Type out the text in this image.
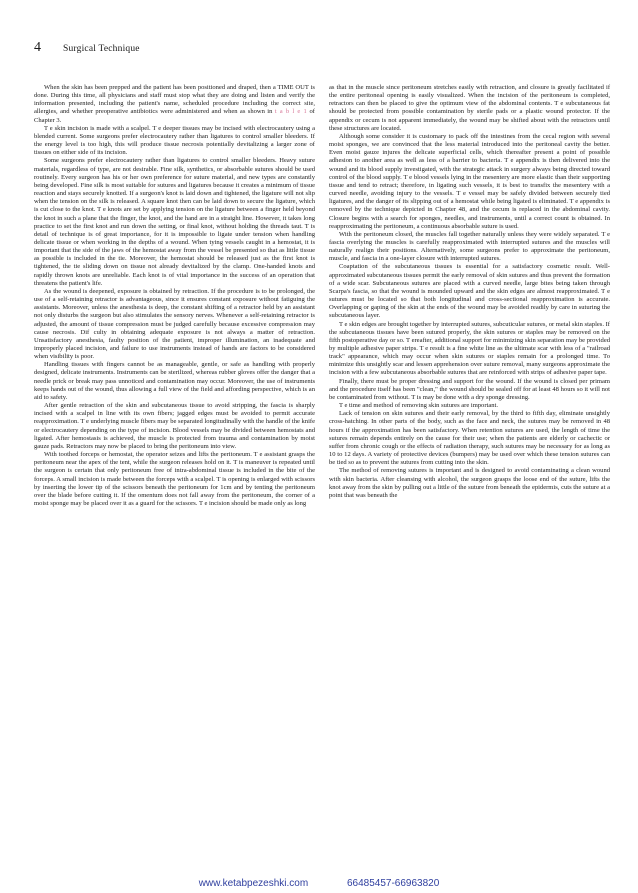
4 Surgical Technique

When the skin has been prepped and the patient has been positioned and draped, then a TIME OUT is done. During this time, all physicians and staff must stop what they are doing and listen and verify the information presented, including the patient's name, scheduled procedure including the correct site, allergies, and whether preoperative antibiotics were administered and when as shown in t a b l e 1 of Chapter 3.

T e skin incision is made with a scalpel. T e deeper tissues may be incised with electrocautery using a blended current. Some surgeons prefer electrocautery rather than ligatures to control smaller bleeders. If the energy level is too high, this will produce tissue necrosis potentially devitalizing a larger zone of tissues on either side of its incision.

Some surgeons prefer electrocautery rather than ligatures to control smaller bleeders. Heavy suture materials, regardless of type, are not desirable. Fine silk, synthetics, or absorbable sutures should be used routinely. Every surgeon has his or her own preference for suture material, and new types are constantly being developed. Fine silk is most suitable for sutures and ligatures because it creates a minimum of tissue reaction and stays securely knotted. If a surgeon's knot is laid down and tightened, the ligature will not slip when the tension on the silk is released. A square knot then can be laid down to secure the ligature, which is cut close to the knot. T e knots are set by applying tension on the ligature between a finger held beyond the knot in such a plane that the finger, the knot, and the hand are in a straight line. However, it takes long practice to set the first knot and run down the setting, or final knot, without holding the threads taut. T is detail of technique is of great importance, for it is impossible to ligate under tension when handling delicate tissue or when working in the depths of a wound. When tying vessels caught in a hemostat, it is important that the side of the jaws of the hemostat away from the vessel be presented so that as little tissue as possible is included in the tie. Moreover, the hemostat should be released just as the first knot is tightened, the tie sliding down on tissue not already devitalized by the clamp. One-handed knots and rapidly thrown knots are unreliable. Each knot is of vital importance in the success of an operation that threatens the patient's life.

As the wound is deepened, exposure is obtained by retraction. If the procedure is to be prolonged, the use of a self-retaining retractor is advantageous, since it ensures constant exposure without fatiguing the assistants. Moreover, unless the anesthesia is deep, the constant shifting of a retractor held by an assistant not only disturbs the surgeon but also stimulates the sensory nerves. Whenever a self-retaining retractor is adjusted, the amount of tissue compression must be judged carefully because excessive compression may cause necrosis. Dif culty in obtaining adequate exposure is not always a matter of retraction. Unsatisfactory anesthesia, faulty position of the patient, improper illumination, an inadequate and improperly placed incision, and failure to use instruments instead of hands are factors to be considered when visibility is poor.

Handling tissues with fingers cannot be as manageable, gentle, or safe as handling with properly designed, delicate instruments. Instruments can be sterilized, whereas rubber gloves offer the danger that a needle prick or break may pass unnoticed and contamination may occur. Moreover, the use of instruments keeps hands out of the wound, thus allowing a full view of the field and affording perspective, which is an aid to safety.

After gentle retraction of the skin and subcutaneous tissue to avoid stripping, the fascia is sharply incised with a scalpel in line with its own fibers; jagged edges must be avoided to permit accurate reapproximation. T e underlying muscle fibers may be separated longitudinally with the handle of the knife or electrocautery depending on the type of incision. Blood vessels may be divided between hemostats and ligated. After hemostasis is achieved, the muscle is protected from trauma and contamination by moist gauze pads. Retractors may now be placed to bring the peritoneum into view.

With toothed forceps or hemostat, the operator seizes and lifts the peritoneum. T e assistant grasps the peritoneum near the apex of the tent, while the surgeon releases hold on it. T is maneuver is repeated until the surgeon is certain that only peritoneum free of intra-abdominal tissue is included in the bite of the forceps. A small incision is made between the forceps with a scalpel. T is opening is enlarged with scissors by inserting the lower tip of the scissors beneath the peritoneum for 1cm and by tenting the peritoneum over the blade before cutting it. If the omentum does not fall away from the peritoneum, the corner of a moist sponge may be placed over it as a guard for the scissors. T e incision should be made only as long

as that in the muscle since peritoneum stretches easily with retraction, and closure is greatly facilitated if the entire peritoneal opening is easily visualized. When the incision of the peritoneum is completed, retractors can then be placed to give the optimum view of the abdominal contents. T e subcutaneous fat should be protected from possible contamination by sterile pads or a plastic wound protector. If the appendix or cecum is not apparent immediately, the wound may be shifted about with the retractors until these structures are located.

Although some consider it is customary to pack off the intestines from the cecal region with several moist sponges, we are convinced that the less material introduced into the peritoneal cavity the better. Even moist gauze injures the delicate superficial cells, which thereafter present a point of possible adhesion to another area as well as less of a barrier to bacteria. T e appendix is then delivered into the wound and its blood supply investigated, with the strategic attack in surgery always being directed toward control of the blood supply. T e blood vessels lying in the mesentery are more elastic than their supporting tissue and tend to retract; therefore, in ligating such vessels, it is best to transfix the mesentery with a curved needle, avoiding injury to the vessels. T e vessel may be safely divided between securely tied ligatures, and the danger of its slipping out of a hemostat while being ligated is eliminated. T e appendix is removed by the technique depicted in Chapter 48, and the cecum is replaced in the abdominal cavity. Closure begins with a search for sponges, needles, and instruments, until a correct count is obtained. In reapproximating the peritoneum, a continuous absorbable suture is used.

With the peritoneum closed, the muscles fall together naturally unless they were widely separated. T e fascia overlying the muscles is carefully reapproximated with interrupted sutures and the muscles will naturally realign their positions. Alternatively, some surgeons prefer to approximate the peritoneum, muscle, and fascia in a one-layer closure with interrupted sutures.

Coaptation of the subcutaneous tissues is essential for a satisfactory cosmetic result. Well-approximated subcutaneous tissues permit the early removal of skin sutures and thus prevent the formation of a wide scar. Subcutaneous sutures are placed with a curved needle, large bites being taken through Scarpa's fascia, so that the wound is mounded upward and the skin edges are almost reapproximated. T e sutures must be located so that both longitudinal and cross-sectional reapproximation is accurate. Overlapping or gaping of the skin at the ends of the wound may be avoided readily by care in suturing the subcutaneous layer.

T e skin edges are brought together by interrupted sutures, subcuticular sutures, or metal skin staples. If the subcutaneous tissues have been sutured properly, the skin sutures or staples may be removed on the fifth postoperative day or so. T ereafter, additional support for minimizing skin separation may be provided by multiple adhesive paper strips. T e result is a fine white line as the ultimate scar with less of a "railroad track" appearance, which may occur when skin sutures or staples remain for a prolonged time. To minimize this unsightly scar and lessen apprehension over suture removal, many surgeons approximate the incision with a few subcutaneous absorbable sutures that are reinforced with strips of adhesive paper tape.

Finally, there must be proper dressing and support for the wound. If the wound is closed per primam and the procedure itself has been "clean," the wound should be sealed off for at least 48 hours so it will not be contaminated from without. T is may be done with a dry sponge dressing.

T e time and method of removing skin sutures are important.

Lack of tension on skin sutures and their early removal, by the third to fifth day, eliminate unsightly cross-hatching. In other parts of the body, such as the face and neck, the sutures may be removed in 48 hours if the approximation has been satisfactory. When retention sutures are used, the length of time the sutures remain depends entirely on the cause for their use; when the patients are elderly or cachectic or suffer from chronic cough or the effects of radiation therapy, such sutures may be necessary for as long as 10 to 12 days. A variety of protective devices (bumpers) may be used over which these tension sutures can be tied so as to prevent the sutures from cutting into the skin.

The method of removing sutures is important and is designed to avoid contaminating a clean wound with skin bacteria. After cleansing with alcohol, the surgeon grasps the loose end of the suture, lifts the knot away from the skin by pulling out a little of the suture from beneath the epidermis, cuts the suture at a point that was beneath the

www.ketabpezeshki.com	66485457-66963820
